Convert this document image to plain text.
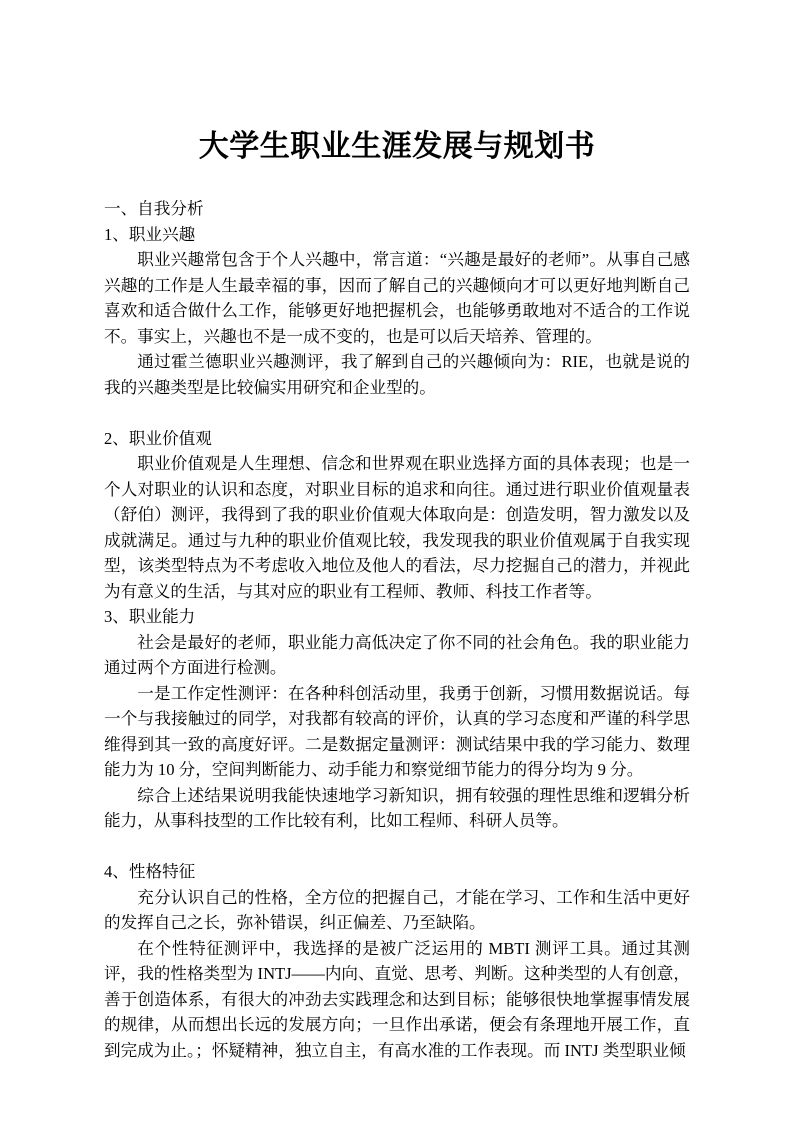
大学生职业生涯发展与规划书
一、自我分析
1、职业兴趣

职业兴趣常包含于个人兴趣中，常言道：“兴趣是最好的老师”。从事自己感兴趣的工作是人生最幸福的事，因而了解自己的兴趣倾向才可以更好地判断自己喜欢和适合做什么工作，能够更好地把握机会，也能够勇敢地对不适合的工作说不。事实上，兴趣也不是一成不变的，也是可以后天培养、管理的。

通过霍兰德职业兴趣测评，我了解到自己的兴趣倾向为：RIE，也就是说的我的兴趣类型是比较偏实用研究和企业型的。

2、职业价值观

职业价值观是人生理想、信念和世界观在职业选择方面的具体表现；也是一个人对职业的认识和态度，对职业目标的追求和向往。通过进行职业价值观量表（舒伯）测评，我得到了我的职业价值观大体取向是：创造发明，智力激发以及成就满足。通过与九种的职业价值观比较，我发现我的职业价值观属于自我实现型，该类型特点为不考虑收入地位及他人的看法，尽力挖掘自己的潜力，并视此为有意义的生活，与其对应的职业有工程师、教师、科技工作者等。

3、职业能力

社会是最好的老师，职业能力高低决定了你不同的社会角色。我的职业能力通过两个方面进行检测。

一是工作定性测评：在各种科创活动里，我勇于创新，习惯用数据说话。每一个与我接触过的同学，对我都有较高的评价，认真的学习态度和严谨的科学思维得到其一致的高度好评。二是数据定量测评：测试结果中我的学习能力、数理能力为 10 分，空间判断能力、动手能力和察觉细节能力的得分均为 9 分。

综合上述结果说明我能快速地学习新知识，拥有较强的理性思维和逻辑分析能力，从事科技型的工作比较有利，比如工程师、科研人员等。

4、性格特征

充分认识自己的性格，全方位的把握自己，才能在学习、工作和生活中更好的发挥自己之长，弥补错误，纠正偏差、乃至缺陷。

在个性特征测评中，我选择的是被广泛运用的 MBTI 测评工具。通过其测评，我的性格类型为 INTJ——内向、直觉、思考、判断。这种类型的人有创意，善于创造体系，有很大的冲劲去实践理念和达到目标；能够很快地掌握事情发展的规律，从而想出长远的发展方向；一旦作出承诺，便会有条理地开展工作，直到完成为止。；怀疑精神，独立自主，有高水准的工作表现。而 INTJ 类型职业倾
